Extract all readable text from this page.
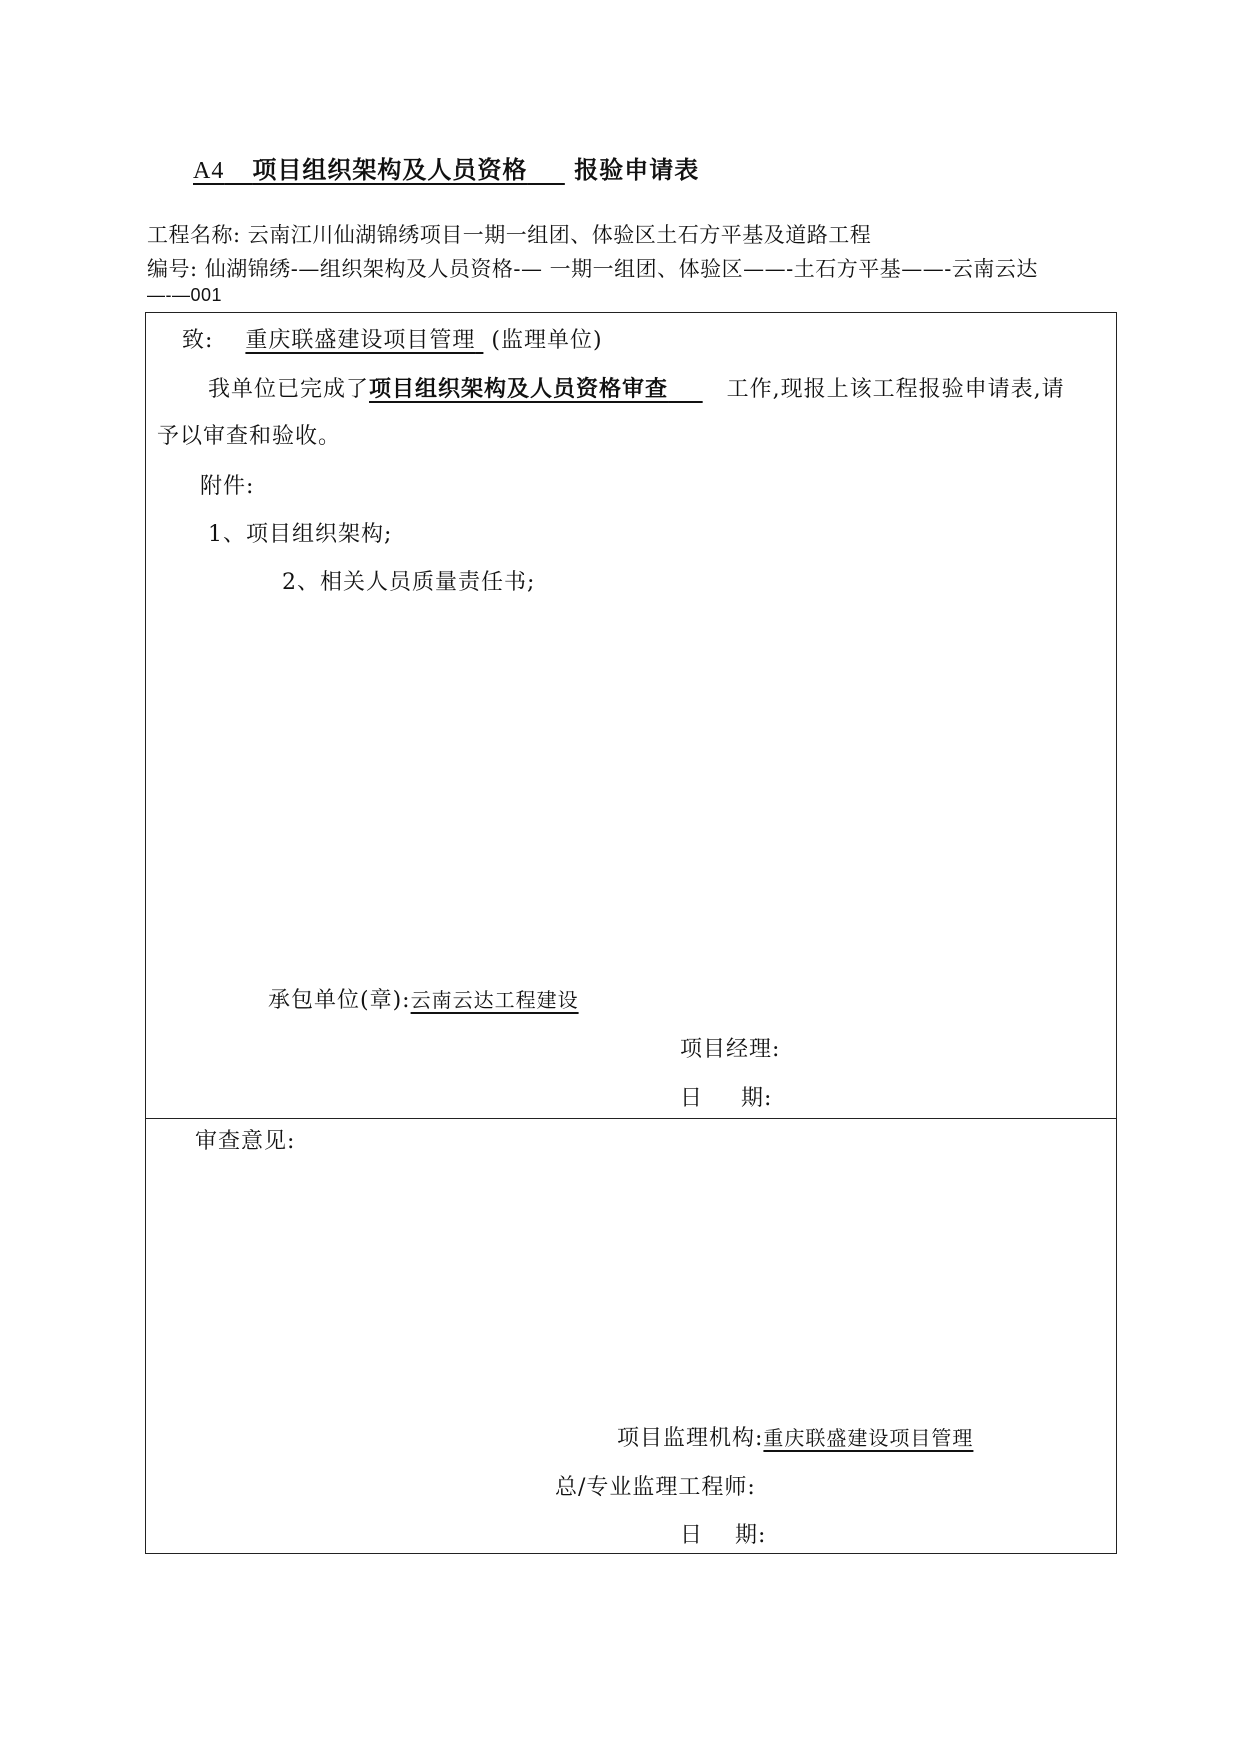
A4 项目组织架构及人员资格 报验申请表
工程名称: 云南江川仙湖锦绣项目一期一组团、体验区土石方平基及道路工程
编号: 仙湖锦绣-—组织架构及人员资格-— 一期一组团、体验区——-土石方平基——-云南云达
—-—001
致: 重庆联盛建设项目管理 (监理单位)
我单位已完成了项目组织架构及人员资格审查	工作,现报上该工程报验申请表,请
予以审查和验收。
附件:
1、项目组织架构;
2、相关人员质量责任书;
承包单位(章):云南云达工程建设
项目经理:
日 期:
审查意见:
项目监理机构:重庆联盛建设项目管理
总/专业监理工程师:
日 期:
